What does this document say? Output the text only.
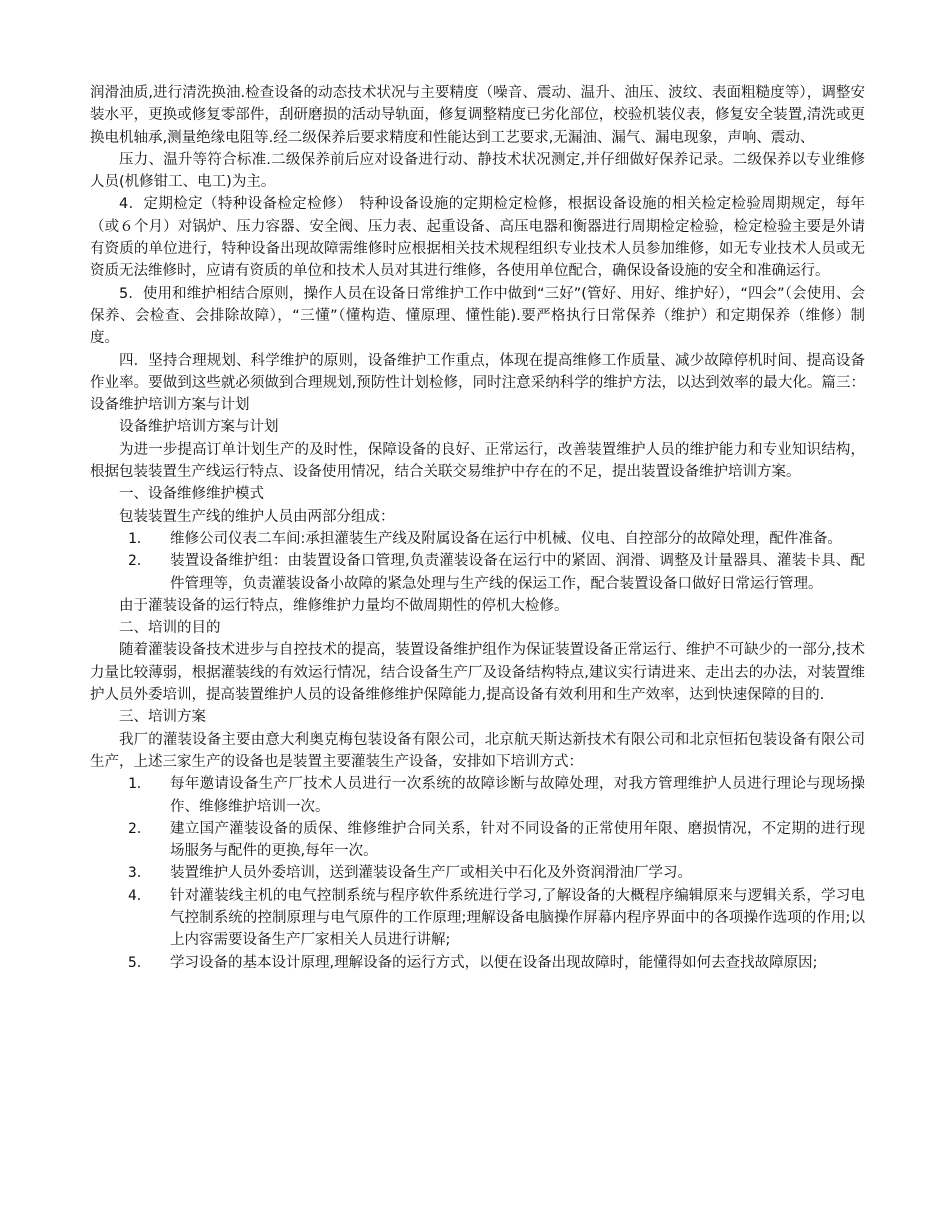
润滑油质,进行清洗换油.检查设备的动态技术状况与主要精度（噪音、震动、温升、油压、波纹、表面粗糙度等），调整安装水平，更换或修复零部件，刮研磨损的活动导轨面，修复调整精度已劣化部位，校验机装仪表，修复安全装置,清洗或更换电机轴承,测量绝缘电阻等.经二级保养后要求精度和性能达到工艺要求,无漏油、漏气、漏电现象，声响、震动、

压力、温升等符合标准.二级保养前后应对设备进行动、静技术状况测定,并仔细做好保养记录。二级保养以专业维修人员(机修钳工、电工)为主。

4．定期检定（特种设备检定检修）　特种设备设施的定期检定检修，根据设备设施的相关检定检验周期规定，每年（或６个月）对锅炉、压力容器、安全阀、压力表、起重设备、高压电器和衡器进行周期检定检验，检定检验主要是外请有资质的单位进行，特种设备出现故障需维修时应根据相关技术规程组织专业技术人员参加维修，如无专业技术人员或无资质无法维修时，应请有资质的单位和技术人员对其进行维修，各使用单位配合，确保设备设施的安全和准确运行。

5．使用和维护相结合原则，操作人员在设备日常维护工作中做到“三好”(管好、用好、维护好），“四会”（会使用、会保养、会检查、会排除故障），“三懂”（懂构造、懂原理、懂性能).要严格执行日常保养（维护）和定期保养（维修）制度。

四．坚持合理规划、科学维护的原则，设备维护工作重点，体现在提高维修工作质量、减少故障停机时间、提高设备作业率。要做到这些就必须做到合理规划,预防性计划检修，同时注意采纳科学的维护方法，以达到效率的最大化。篇三：设备维护培训方案与计划

设备维护培训方案与计划

为进一步提高订单计划生产的及时性，保障设备的良好、正常运行，改善装置维护人员的维护能力和专业知识结构，根据包装装置生产线运行特点、设备使用情况，结合关联交易维护中存在的不足，提出装置设备维护培训方案。

一、设备维修维护模式

包装装置生产线的维护人员由两部分组成：

1． 维修公司仪表二车间:承担灌装生产线及附属设备在运行中机械、仪电、自控部分的故障处理，配件准备。
2． 装置设备维护组：由装置设备口管理,负责灌装设备在运行中的紧固、润滑、调整及计量器具、灌装卡具、配件管理等，负责灌装设备小故障的紧急处理与生产线的保运工作，配合装置设备口做好日常运行管理。

由于灌装设备的运行特点，维修维护力量均不做周期性的停机大检修。

二、培训的目的

随着灌装设备技术进步与自控技术的提高，装置设备维护组作为保证装置设备正常运行、维护不可缺少的一部分,技术力量比较薄弱，根据灌装线的有效运行情况，结合设备生产厂及设备结构特点,建议实行请进来、走出去的办法，对装置维护人员外委培训，提高装置维护人员的设备维修维护保障能力,提高设备有效利用和生产效率，达到快速保障的目的.

三、培训方案

我厂的灌装设备主要由意大利奥克梅包装设备有限公司，北京航天斯达新技术有限公司和北京恒拓包装设备有限公司生产，上述三家生产的设备也是装置主要灌装生产设备，安排如下培训方式：

1． 每年邀请设备生产厂技术人员进行一次系统的故障诊断与故障处理，对我方管理维护人员进行理论与现场操作、维修维护培训一次。
2． 建立国产灌装设备的质保、维修维护合同关系，针对不同设备的正常使用年限、磨损情况，不定期的进行现场服务与配件的更换,每年一次。
3． 装置维护人员外委培训，送到灌装设备生产厂或相关中石化及外资润滑油厂学习。
4． 针对灌装线主机的电气控制系统与程序软件系统进行学习,了解设备的大概程序编辑原来与逻辑关系，学习电气控制系统的控制原理与电气原件的工作原理;理解设备电脑操作屏幕内程序界面中的各项操作选项的作用;以上内容需要设备生产厂家相关人员进行讲解;
5． 学习设备的基本设计原理,理解设备的运行方式，以便在设备出现故障时，能懂得如何去查找故障原因;
